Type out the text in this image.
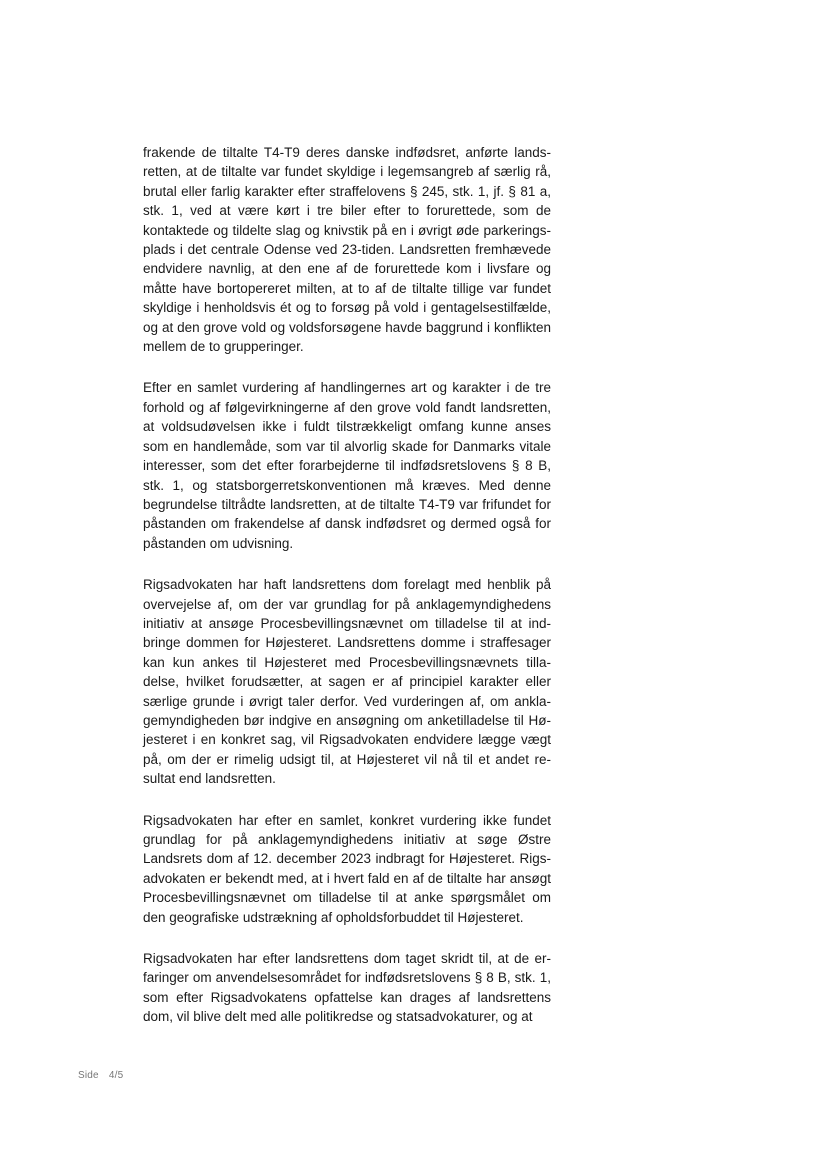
frakende de tiltalte T4-T9 deres danske indfødsret, anførte landsretten, at de tiltalte var fundet skyldige i legemsangreb af særlig rå, brutal eller farlig karakter efter straffelovens § 245, stk. 1, jf. § 81 a, stk. 1, ved at være kørt i tre biler efter to forurettede, som de kontaktede og tildelte slag og knivstik på en i øvrigt øde parkeringsplads i det centrale Odense ved 23-tiden. Landsretten fremhævede endvidere navnlig, at den ene af de forurettede kom i livsfare og måtte have bortopereret milten, at to af de tiltalte tillige var fundet skyldige i henholdsvis ét og to forsøg på vold i gentagelsestilfælde, og at den grove vold og voldsforsøgene havde baggrund i konflikten mellem de to grupperinger.

Efter en samlet vurdering af handlingernes art og karakter i de tre forhold og af følgevirkningerne af den grove vold fandt landsretten, at voldsudøvelsen ikke i fuldt tilstrækkeligt omfang kunne anses som en handlemåde, som var til alvorlig skade for Danmarks vitale interesser, som det efter forarbejderne til indfødsretslovens § 8 B, stk. 1, og statsborgerretskonventionen må kræves. Med denne begrundelse tiltrådte landsretten, at de tiltalte T4-T9 var frifundet for påstanden om frakendelse af dansk indfødsret og dermed også for påstanden om udvisning.

Rigsadvokaten har haft landsrettens dom forelagt med henblik på overvejelse af, om der var grundlag for på anklagemyndighedens initiativ at ansøge Procesbevillingsnævnet om tilladelse til at indbringe dommen for Højesteret. Landsrettens domme i straffesager kan kun ankes til Højesteret med Procesbevillingsnævnets tilladelse, hvilket forudsætter, at sagen er af principiel karakter eller særlige grunde i øvrigt taler derfor. Ved vurderingen af, om anklagemyndigheden bør indgive en ansøgning om anketilladelse til Højesteret i en konkret sag, vil Rigsadvokaten endvidere lægge vægt på, om der er rimelig udsigt til, at Højesteret vil nå til et andet resultat end landsretten.

Rigsadvokaten har efter en samlet, konkret vurdering ikke fundet grundlag for på anklagemyndighedens initiativ at søge Østre Landsrets dom af 12. december 2023 indbragt for Højesteret. Rigsadvokaten er bekendt med, at i hvert fald en af de tiltalte har ansøgt Procesbevillingsnævnet om tilladelse til at anke spørgsmålet om den geografiske udstrækning af opholdsforbuddet til Højesteret.

Rigsadvokaten har efter landsrettens dom taget skridt til, at de erfaringer om anvendelsesområdet for indfødsretslovens § 8 B, stk. 1, som efter Rigsadvokatens opfattelse kan drages af landsrettens dom, vil blive delt med alle politikredse og statsadvokaturer, og at

Side 4/5
